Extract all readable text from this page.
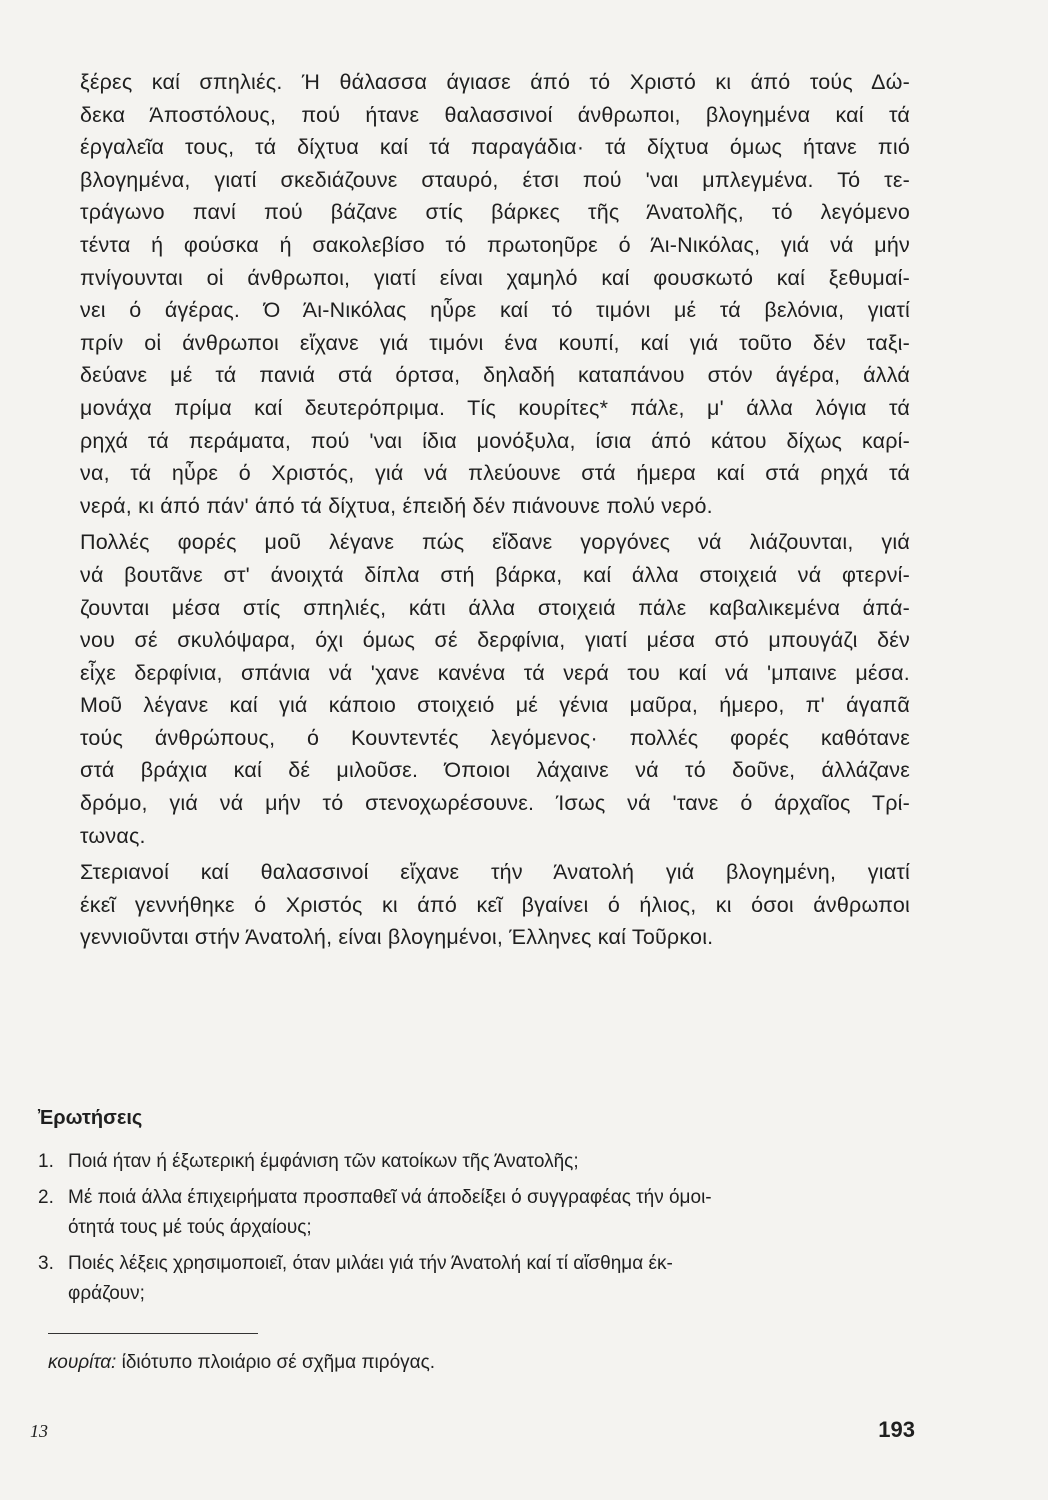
ξέρες καί σπηλιές. Ή θάλασσα άγιασε άπό τό Χριστό κι άπό τούς Δώ-
δεκα Άποστόλους, πού ήτανε θαλασσινοί άνθρωποι, βλογημένα καί τά
έργαλεῖα τους, τά δίχτυα καί τά παραγάδια· τά δίχτυα όμως ήτανε πιό
βλογημένα, γιατί σκεδιάζουνε σταυρό, έτσι πού 'ναι μπλεγμένα. Τό τε-
τράγωνο πανί πού βάζανε στίς βάρκες τῆς Άνατολῆς, τό λεγόμενο
τέντα ή φούσκα ή σακολεβίσο τό πρωτοηῦρε ό Άι-Νικόλας, γιά νά μήν
πνίγουνται οἱ άνθρωποι, γιατί είναι χαμηλό καί φουσκωτό καί ξεθυμαί-
νει ό άγέρας. Ό Άι-Νικόλας ηὗρε καί τό τιμόνι μέ τά βελόνια, γιατί
πρίν οἱ άνθρωποι εἴχανε γιά τιμόνι ένα κουπί, καί γιά τοῦτο δέν ταξι-
δεύανε μέ τά πανιά στά όρτσα, δηλαδή καταπάνου στόν άγέρα, άλλά
μονάχα πρίμα καί δευτερόπριμα. Τίς κουρίτες* πάλε, μ' άλλα λόγια τά
ρηχά τά περάματα, πού 'ναι ίδια μονόξυλα, ίσια άπό κάτου δίχως καρί-
να, τά ηὗρε ό Χριστός, γιά νά πλεύουνε στά ήμερα καί στά ρηχά τά
νερά, κι άπό πάν' άπό τά δίχτυα, έπειδή δέν πιάνουνε πολύ νερό.
Πολλές φορές μοῦ λέγανε πώς εἴδανε γοργόνες νά λιάζουνται, γιά
νά βουτᾶνε στ' άνοιχτά δίπλα στή βάρκα, καί άλλα στοιχειά νά φτερνί-
ζουνται μέσα στίς σπηλιές, κάτι άλλα στοιχειά πάλε καβαλικεμένα άπά-
νου σέ σκυλόψαρα, όχι όμως σέ δερφίνια, γιατί μέσα στό μπουγάζι δέν
εἶχε δερφίνια, σπάνια νά 'χανε κανένα τά νερά του καί νά 'μπαινε μέσα.
Μοῦ λέγανε καί γιά κάποιο στοιχειό μέ γένια μαῦρα, ήμερο, π' άγαπᾶ
τούς άνθρώπους, ό Κουντεντές λεγόμενος· πολλές φορές καθότανε
στά βράχια καί δέ μιλοῦσε. Όποιοι λάχαινε νά τό δοῦνε, άλλάζανε
δρόμο, γιά νά μήν τό στενοχωρέσουνε. Ίσως νά 'τανε ό άρχαῖος Τρί-
τωνας.
Στεριανοί καί θαλασσινοί εἴχανε τήν Άνατολή γιά βλογημένη, γιατί
έκεῖ γεννήθηκε ό Χριστός κι άπό κεῖ βγαίνει ό ήλιος, κι όσοι άνθρωποι
γεννιοῦνται στήν Άνατολή, είναι βλογημένοι, Έλληνες καί Τοῦρκοι.
Ἐρωτήσεις
1. Ποιά ήταν ή έξωτερική έμφάνιση τῶν κατοίκων τῆς Άνατολῆς;
2. Μέ ποιά άλλα έπιχειρήματα προσπαθεῖ νά άποδείξει ό συγγραφέας τήν όμοι-
ότητά τους μέ τούς άρχαίους;
3. Ποιές λέξεις χρησιμοποιεῖ, όταν μιλάει γιά τήν Άνατολή καί τί αἴσθημα έκ-
φράζουν;
κουρίτα: ίδιότυπο πλοιάριο σέ σχῆμα πιρόγας.
13	193
